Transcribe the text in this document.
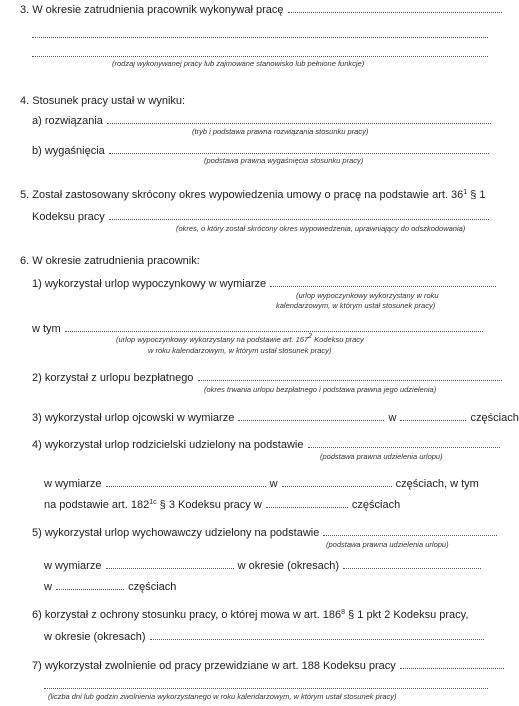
3. W okresie zatrudnienia pracownik wykonywał pracę
(rodzaj wykonywanej pracy lub zajmowane stanowisko lub pełnione funkcje)
4. Stosunek pracy ustał w wyniku:
a) rozwiązania
(tryb i podstawa prawna rozwiązania stosunku pracy)
b) wygaśnięcia
(podstawa prawna wygaśnięcia stosunku pracy)
5. Został zastosowany skrócony okres wypowiedzenia umowy o pracę na podstawie art. $36^1$ § 1
Kodeksu pracy
(okres, o który został skrócony okres wypowiedzenia, uprawniający do odszkodowania)
6. W okresie zatrudnienia pracownik:
1) wykorzystał urlop wypoczynkowy w wymiarze
(urlop wypoczynkowy wykorzystany w roku
kalendarzowym, w którym ustał stosunek pracy)
w tym
(urlop wypoczynkowy wykorzystany na podstawie art. $167^2$ Kodeksu pracy
w roku kalendarzowym, w którym ustał stosunek pracy)
2) korzystał z urlopu bezpłatnego
(okres trwania urlopu bezpłatnego i podstawa prawna jego udzielenia)
3) wykorzystał urlop ojcowski w wymiarze	w	częściach
4) wykorzystał urlop rodzicielski udzielony na podstawie
(podstawa prawna udzielenia urlopu)
w wymiarze	w	częściach, w tym
na podstawie art. $182^{1c}$ § 3 Kodeksu pracy w	częściach
5) wykorzystał urlop wychowawczy udzielony na podstawie
(podstawa prawna udzielenia urlopu)
w wymiarze	w okresie (okresach)
w	częściach
6) korzystał z ochrony stosunku pracy, o której mowa w art. $186^8$ § 1 pkt 2 Kodeksu pracy,
w okresie (okresach)
7) wykorzystał zwolnienie od pracy przewidziane w art. 188 Kodeksu pracy
(liczba dni lub godzin zwolnienia wykorzystanego w roku kalendarzowym, w którym ustał stosunek pracy)
